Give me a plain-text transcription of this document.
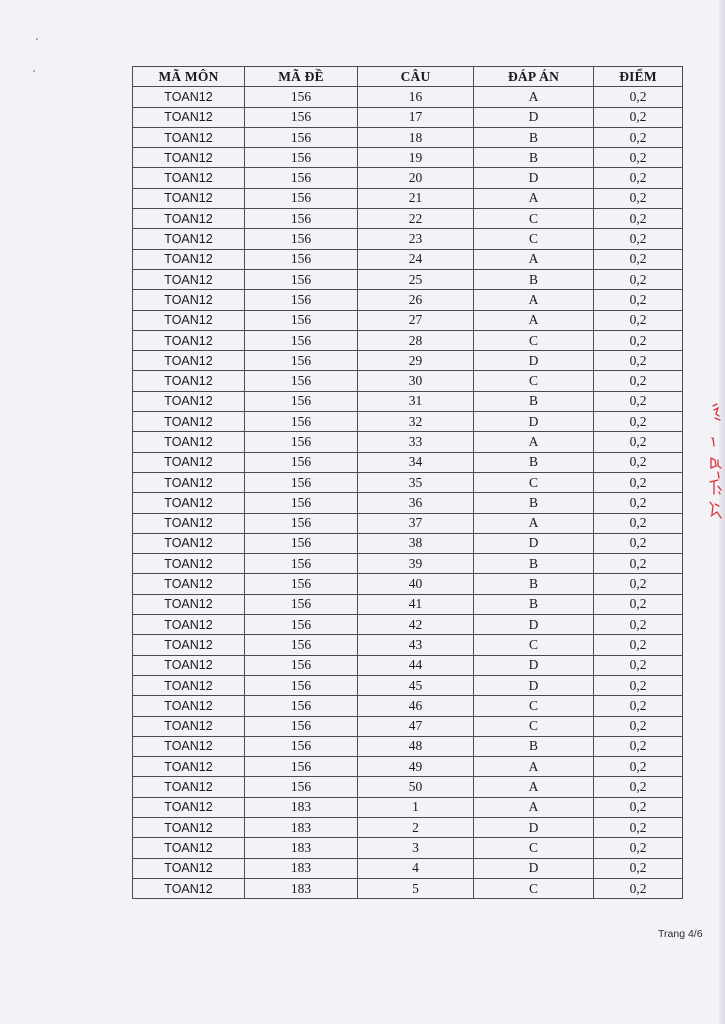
MÃ MÔN	MÃ ĐỀ	CÂU	ĐÁP ÁN	ĐIỂM
TOAN12	156	16	A	0,2
TOAN12	156	17	D	0,2
TOAN12	156	18	B	0,2
TOAN12	156	19	B	0,2
TOAN12	156	20	D	0,2
TOAN12	156	21	A	0,2
TOAN12	156	22	C	0,2
TOAN12	156	23	C	0,2
TOAN12	156	24	A	0,2
TOAN12	156	25	B	0,2
TOAN12	156	26	A	0,2
TOAN12	156	27	A	0,2
TOAN12	156	28	C	0,2
TOAN12	156	29	D	0,2
TOAN12	156	30	C	0,2
TOAN12	156	31	B	0,2
TOAN12	156	32	D	0,2
TOAN12	156	33	A	0,2
TOAN12	156	34	B	0,2
TOAN12	156	35	C	0,2
TOAN12	156	36	B	0,2
TOAN12	156	37	A	0,2
TOAN12	156	38	D	0,2
TOAN12	156	39	B	0,2
TOAN12	156	40	B	0,2
TOAN12	156	41	B	0,2
TOAN12	156	42	D	0,2
TOAN12	156	43	C	0,2
TOAN12	156	44	D	0,2
TOAN12	156	45	D	0,2
TOAN12	156	46	C	0,2
TOAN12	156	47	C	0,2
TOAN12	156	48	B	0,2
TOAN12	156	49	A	0,2
TOAN12	156	50	A	0,2
TOAN12	183	1	A	0,2
TOAN12	183	2	D	0,2
TOAN12	183	3	C	0,2
TOAN12	183	4	D	0,2
TOAN12	183	5	C	0,2
Trang 4/6
